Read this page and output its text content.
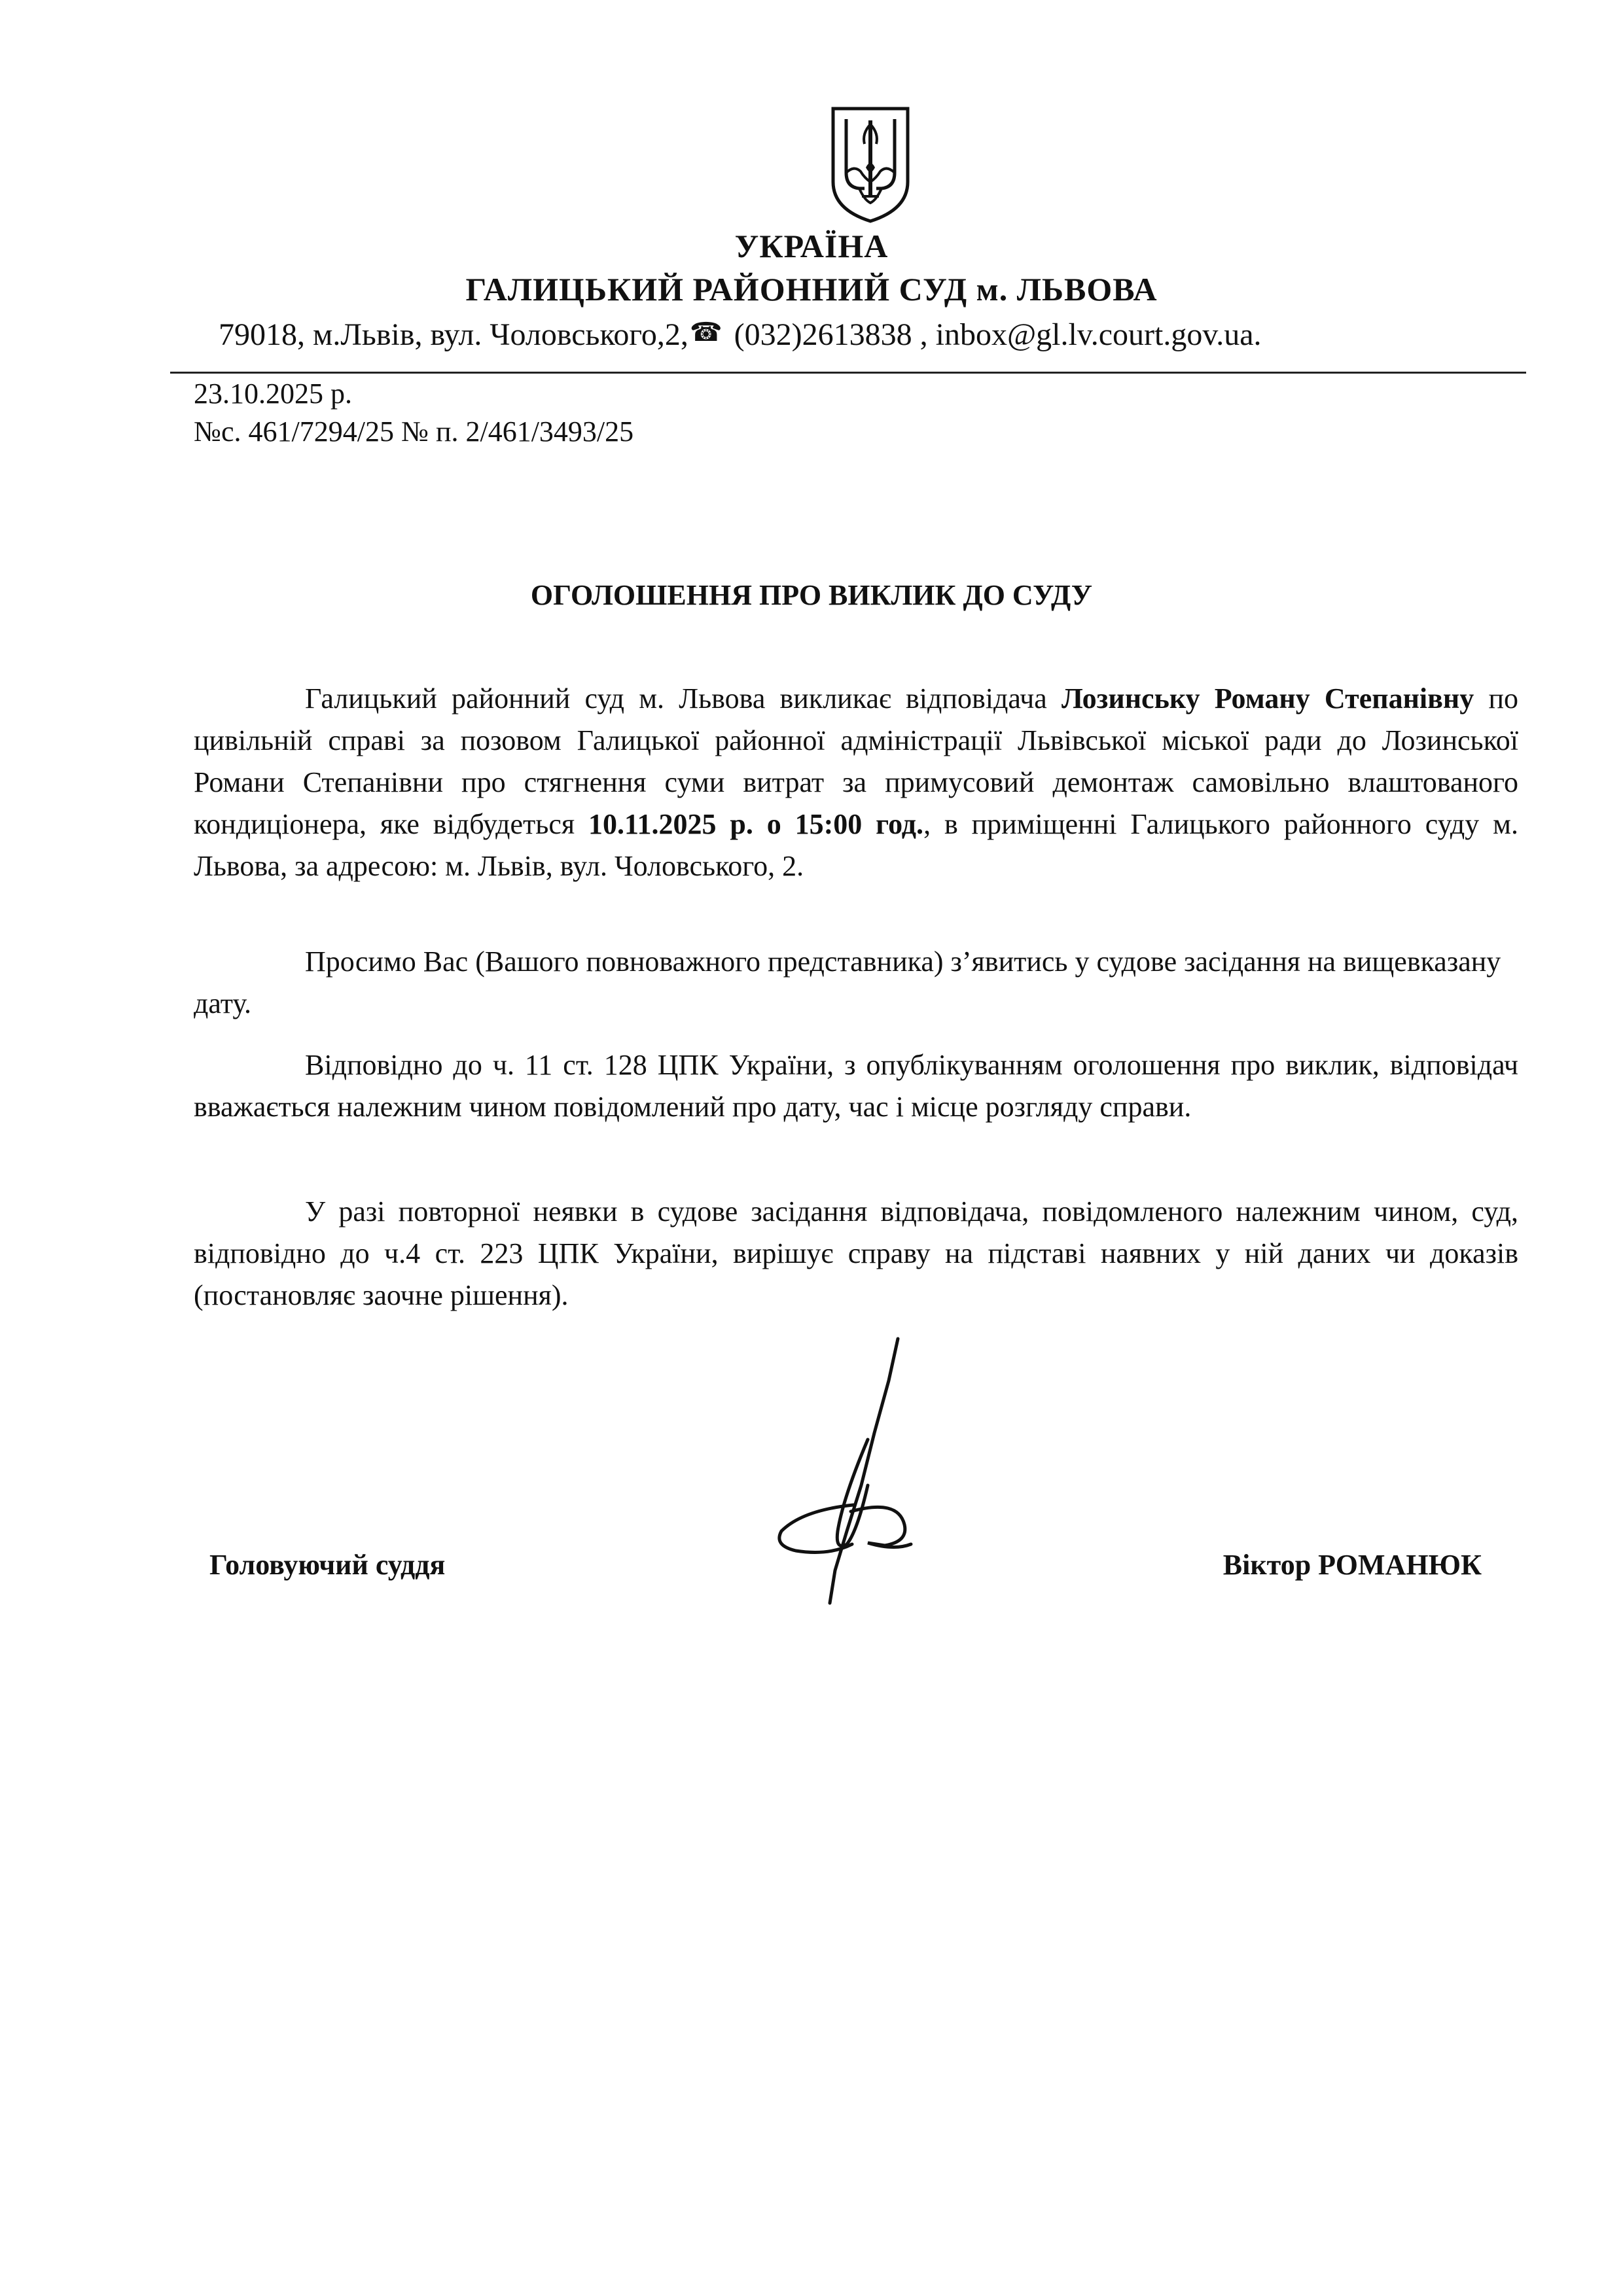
УКРАЇНА
ГАЛИЦЬКИЙ РАЙОННИЙ СУД м. ЛЬВОВА
79018, м.Львів, вул. Чоловського,2,☎ (032)2613838 , inbox@gl.lv.court.gov.ua.
23.10.2025 р.
№с. 461/7294/25 № п. 2/461/3493/25
ОГОЛОШЕННЯ ПРО ВИКЛИК ДО СУДУ
Галицький районний суд м. Львова викликає відповідача Лозинську Роману Степанівну по цивільній справі за позовом Галицької районної адміністрації Львівської міської ради до Лозинської Романи Степанівни про стягнення суми витрат за примусовий демонтаж самовільно влаштованого кондиціонера, яке відбудеться 10.11.2025 р. о 15:00 год., в приміщенні Галицького районного суду м. Львова, за адресою: м. Львів, вул. Чоловського, 2.
Просимо Вас (Вашого повноважного представника) з’явитись у судове засідання на вищевказану дату.
Відповідно до ч. 11 ст. 128 ЦПК України, з опублікуванням оголошення про виклик, відповідач вважається належним чином повідомлений про дату, час і місце розгляду справи.
У разі повторної неявки в судове засідання відповідача, повідомленого належним чином, суд, відповідно до ч.4 ст. 223 ЦПК України, вирішує справу на підставі наявних у ній даних чи доказів (постановляє заочне рішення).
Головуючий суддя	Віктор РОМАНЮК
